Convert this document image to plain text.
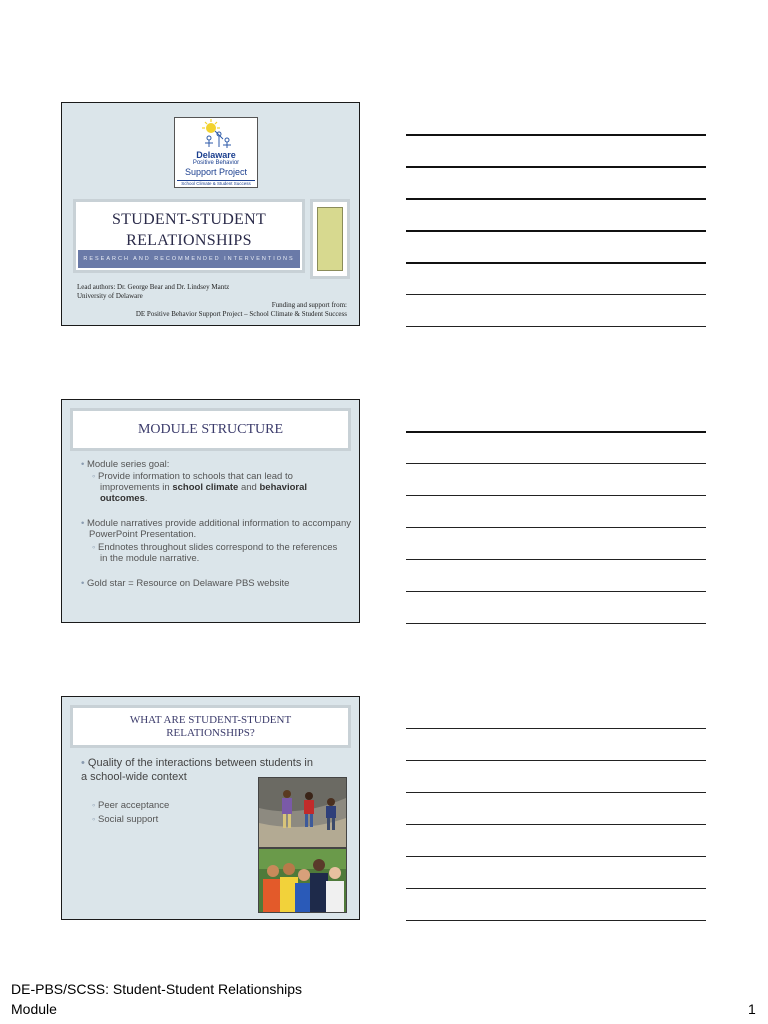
Delaware
Positive Behavior
Support Project
School Climate & Student Success
STUDENT-STUDENT RELATIONSHIPS
RESEARCH AND RECOMMENDED INTERVENTIONS
Lead authors: Dr. George Bear and Dr. Lindsey Mantz
University of Delaware
Funding and support from:
DE Positive Behavior Support Project – School Climate & Student Success
MODULE STRUCTURE
• Module series goal:
◦ Provide information to schools that can lead to improvements in school climate and behavioral outcomes.
• Module narratives provide additional information to accompany PowerPoint Presentation.
◦ Endnotes throughout slides correspond to the references in the module narrative.
• Gold star = Resource on Delaware PBS website
WHAT ARE STUDENT-STUDENT RELATIONSHIPS?
• Quality of the interactions between students in a school-wide context
◦ Peer acceptance
◦ Social support
DE-PBS/SCSS: Student-Student Relationships Module	1
